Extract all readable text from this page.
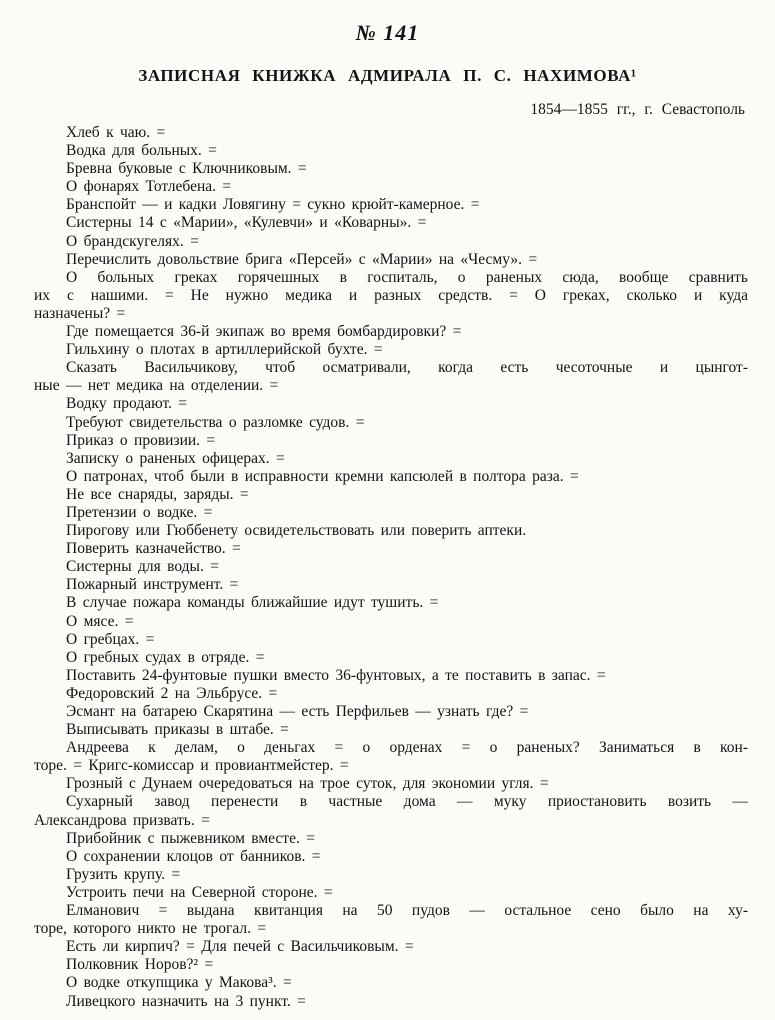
№ 141
ЗАПИСНАЯ КНИЖКА АДМИРАЛА П. С. НАХИМОВА¹
1854—1855 гг., г. Севастополь
Хлеб к чаю. =
Водка для больных. =
Бревна буковые с Ключниковым. =
О фонарях Тотлебена. =
Бранспойт — и кадки Ловягину = сукно крюйт-камерное. =
Систерны 14 с «Марии», «Кулевчи» и «Коварны». =
О брандскугелях. =
Перечислить довольствие брига «Персей» с «Марии» на «Чесму». =
О больных греках горячешных в госпиталь, о раненых сюда, вообще сравнить
их с нашими. = Не нужно медика и разных средств. = О греках, сколько и куда
назначены? =
Где помещается 36-й экипаж во время бомбардировки? =
Гильхину о плотах в артиллерийской бухте. =
Сказать Васильчикову, чтоб осматривали, когда есть чесоточные и цынгот-
ные — нет медика на отделении. =
Водку продают. =
Требуют свидетельства о разломке судов. =
Приказ о провизии. =
Записку о раненых офицерах. =
О патронах, чтоб были в исправности кремни капсюлей в полтора раза. =
Не все снаряды, заряды. =
Претензии о водке. =
Пирогову или Гюббенету освидетельствовать или поверить аптеки.
Поверить казначейство. =
Систерны для воды. =
Пожарный инструмент. =
В случае пожара команды ближайшие идут тушить. =
О мясе. =
О гребцах. =
О гребных судах в отряде. =
Поставить 24-фунтовые пушки вместо 36-фунтовых, а те поставить в запас. =
Федоровский 2 на Эльбрусе. =
Эсмант на батарею Скарятина — есть Перфильев — узнать где? =
Выписывать приказы в штабе. =
Андреева к делам, о деньгах = о орденах = о раненых? Заниматься в кон-
торе. = Кригс-комиссар и провиантмейстер. =
Грозный с Дунаем очередоваться на трое суток, для экономии угля. =
Сухарный завод перенести в частные дома — муку приостановить возить —
Александрова призвать. =
Прибойник с пыжевником вместе. =
О сохранении клоцов от банников. =
Грузить крупу. =
Устроить печи на Северной стороне. =
Елманович = выдана квитанция на 50 пудов — остальное сено было на ху-
торе, которого никто не трогал. =
Есть ли кирпич? = Для печей с Васильчиковым. =
Полковник Норов?² =
О водке откупщика у Макова³. =
Ливецкого назначить на 3 пункт. =
